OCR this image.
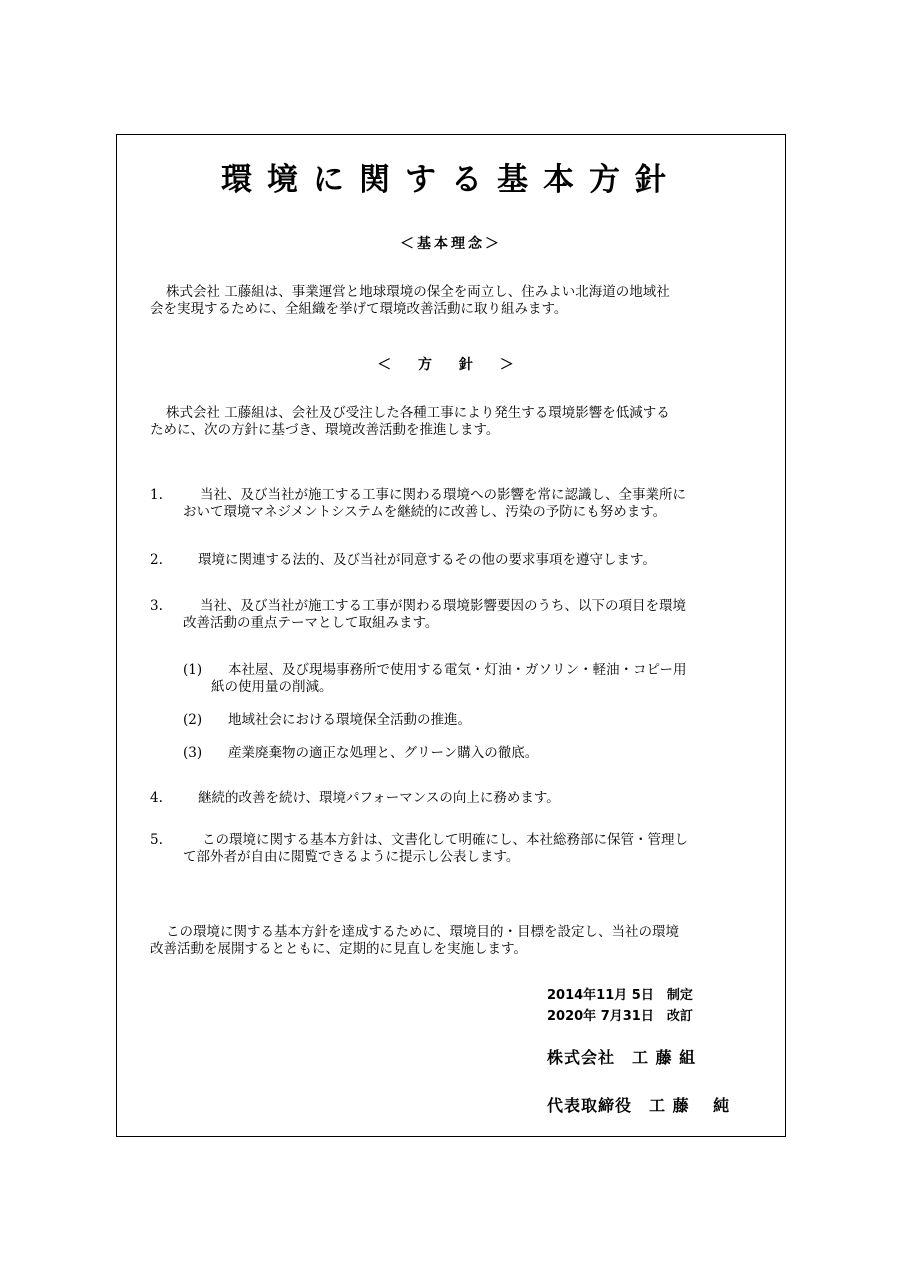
環境に関する基本方針
＜基本理念＞
株式会社 工藤組は、事業運営と地球環境の保全を両立し、住みよい北海道の地域社
会を実現するために、全組織を挙げて環境改善活動に取り組みます。
＜ 方 針 ＞
株式会社 工藤組は、会社及び受注した各種工事により発生する環境影響を低減する
ために、次の方針に基づき、環境改善活動を推進します。
1.	当社、及び当社が施工する工事に関わる環境への影響を常に認識し、全事業所に
おいて環境マネジメントシステムを継続的に改善し、汚染の予防にも努めます。
2.	環境に関連する法的、及び当社が同意するその他の要求事項を遵守します。
3.	当社、及び当社が施工する工事が関わる環境影響要因のうち、以下の項目を環境
改善活動の重点テーマとして取組みます。
(1) 本社屋、及び現場事務所で使用する電気・灯油・ガソリン・軽油・コピー用
紙の使用量の削減。
(2) 地域社会における環境保全活動の推進。
(3) 産業廃棄物の適正な処理と、グリーン購入の徹底。
4.	継続的改善を続け、環境パフォーマンスの向上に務めます。
5.	この環境に関する基本方針は、文書化して明確にし、本社総務部に保管・管理し
て部外者が自由に閲覧できるように提示し公表します。
この環境に関する基本方針を達成するために、環境目的・目標を設定し、当社の環境
改善活動を展開するとともに、定期的に見直しを実施します。
2014年11月 5日　制定
2020年 7月31日　改訂
株式会社　工 藤 組
代表取締役　工 藤　 純
